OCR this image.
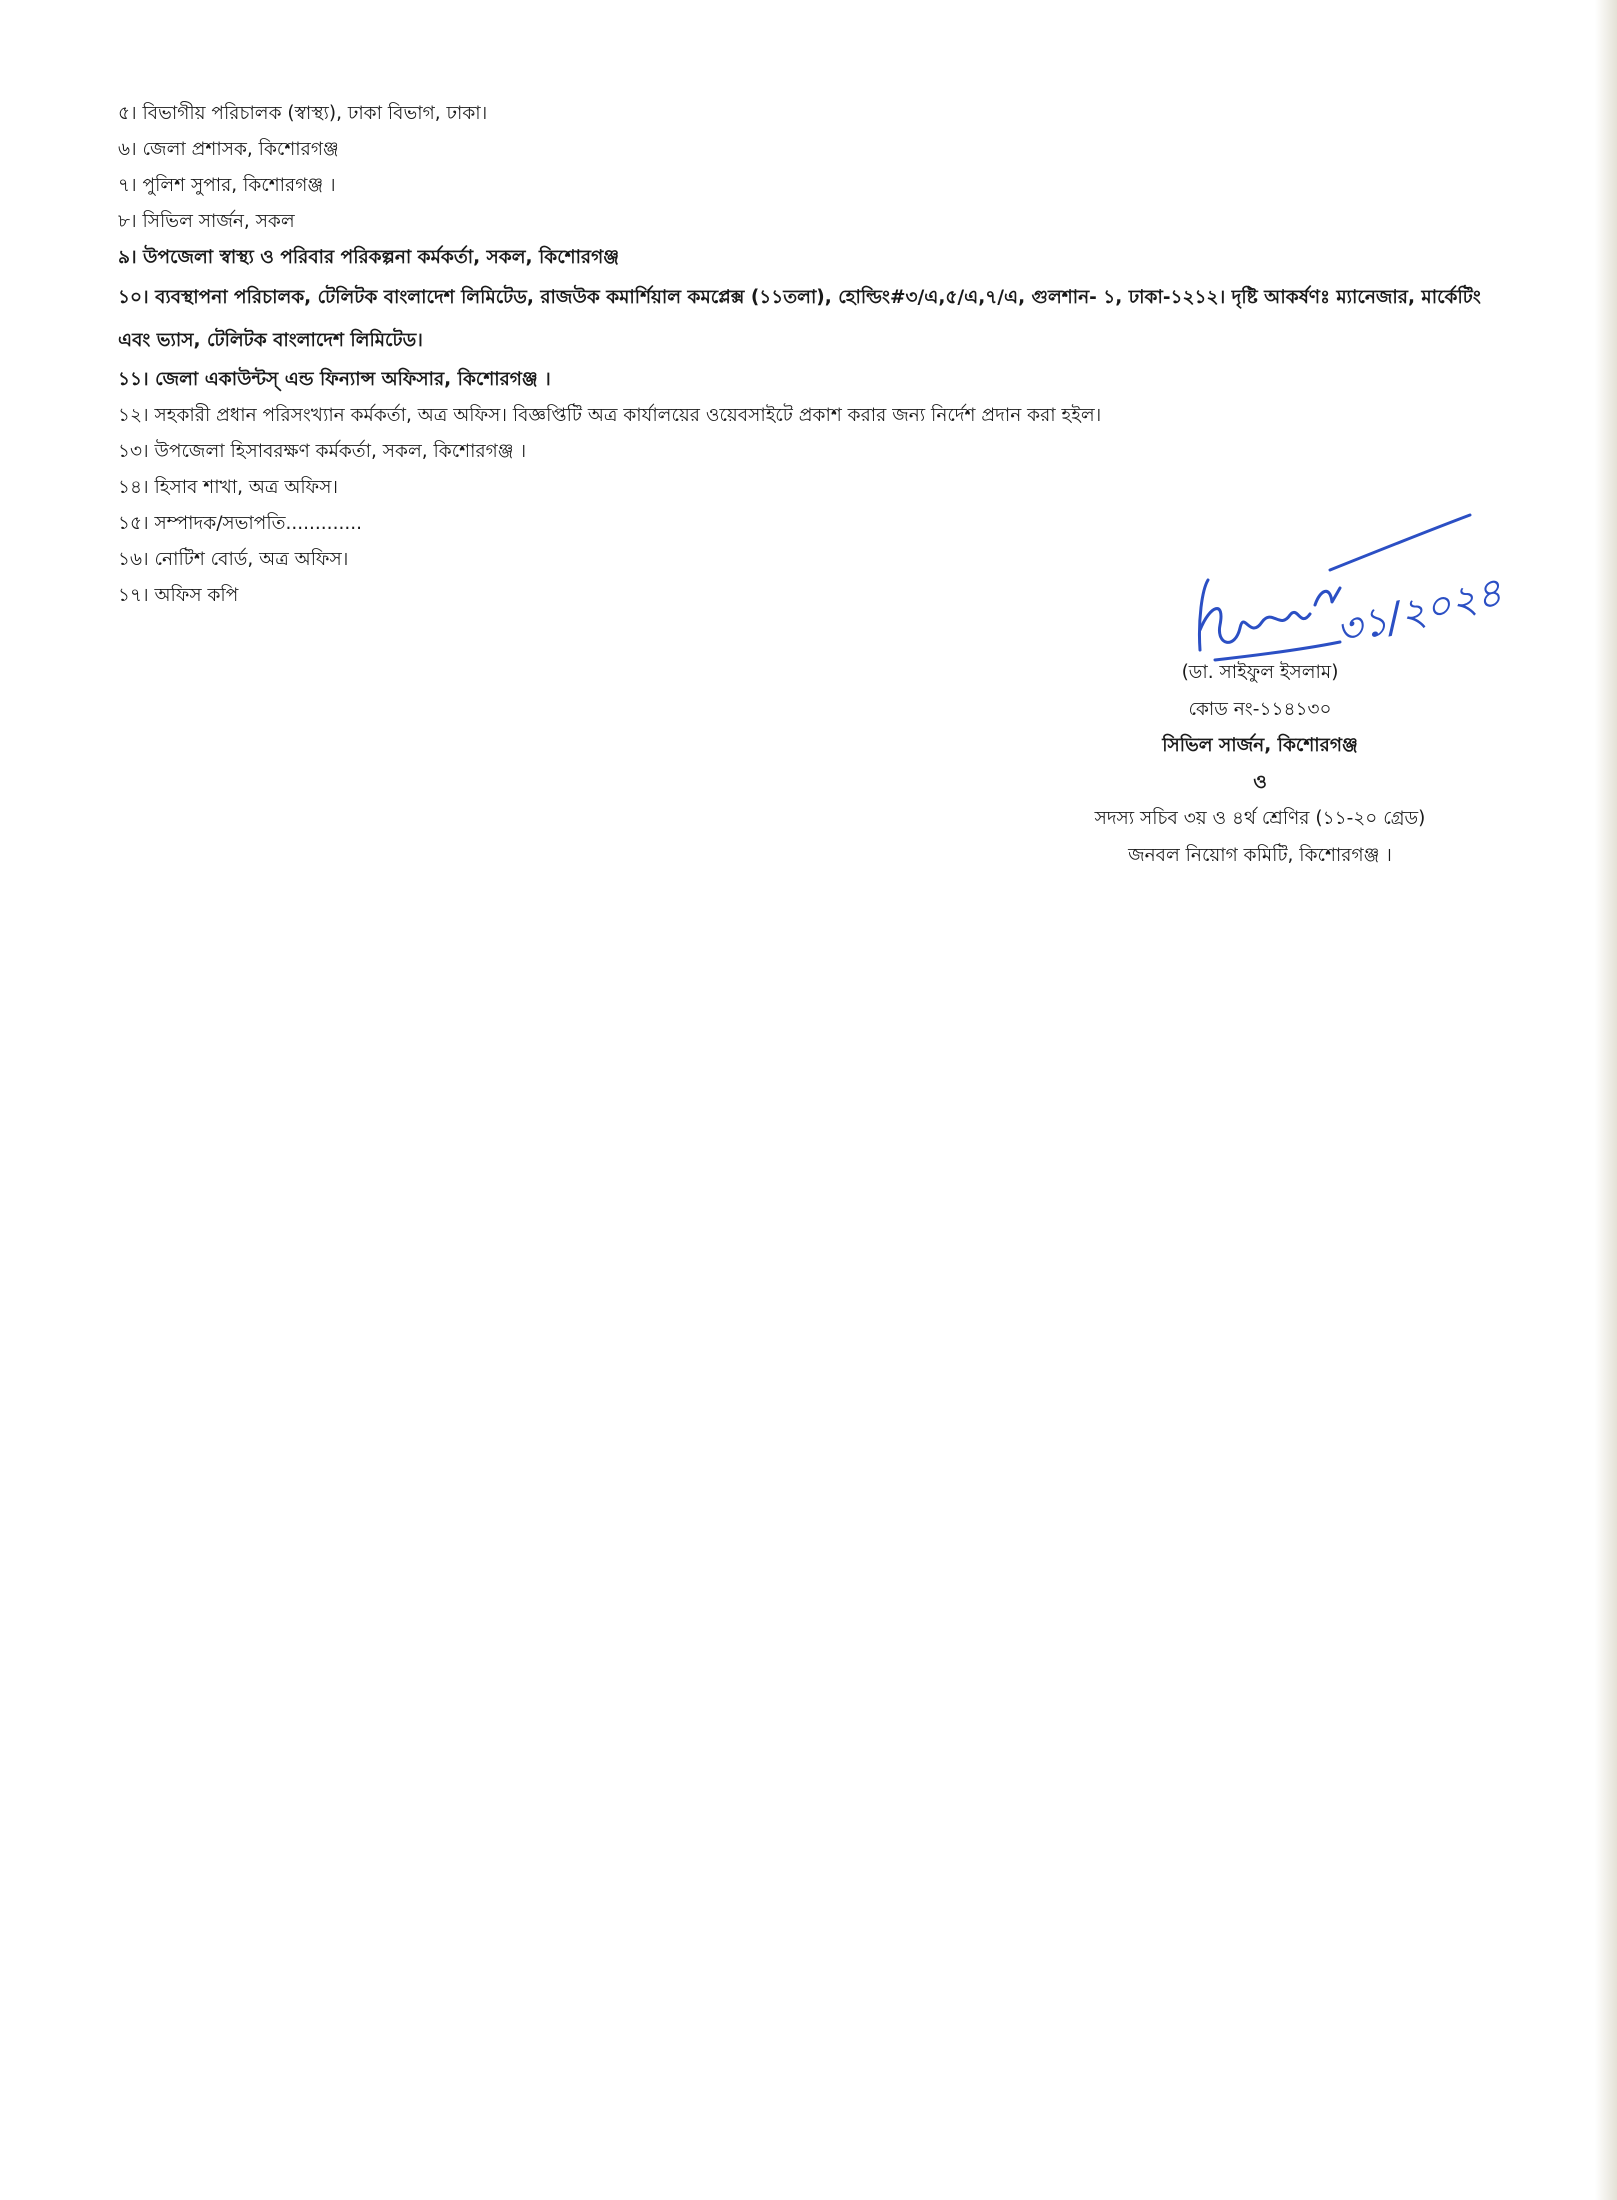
৫। বিভাগীয় পরিচালক (স্বাস্থ্য), ঢাকা বিভাগ, ঢাকা।
৬। জেলা প্রশাসক, কিশোরগঞ্জ
৭। পুলিশ সুপার, কিশোরগঞ্জ ।
৮। সিভিল সার্জন, সকল
৯। উপজেলা স্বাস্থ্য ও পরিবার পরিকল্পনা কর্মকর্তা, সকল, কিশোরগঞ্জ
১০। ব্যবস্থাপনা পরিচালক, টেলিটক বাংলাদেশ লিমিটেড, রাজউক কমার্শিয়াল কমপ্লেক্স (১১তলা), হোল্ডিং#৩/এ,৫/এ,৭/এ, গুলশান- ১, ঢাকা-১২১২। দৃষ্টি আকর্ষণঃ ম্যানেজার, মার্কেটিং এবং ভ্যাস, টেলিটক বাংলাদেশ লিমিটেড।
১১। জেলা একাউন্টস্ এন্ড ফিন্যান্স অফিসার, কিশোরগঞ্জ ।
১২। সহকারী প্রধান পরিসংখ্যান কর্মকর্তা, অত্র অফিস। বিজ্ঞপ্তিটি অত্র কার্যালয়ের ওয়েবসাইটে প্রকাশ করার জন্য নির্দেশ প্রদান করা হইল।
১৩। উপজেলা হিসাবরক্ষণ কর্মকর্তা, সকল, কিশোরগঞ্জ ।
১৪। হিসাব শাখা, অত্র অফিস।
১৫। সম্পাদক/সভাপতি.............
১৬। নোটিশ বোর্ড, অত্র অফিস।
১৭। অফিস কপি	৩১/২০২৪
(ডা. সাইফুল ইসলাম)
কোড নং-১১৪১৩০
সিভিল সার্জন, কিশোরগঞ্জ
ও
সদস্য সচিব ৩য় ও ৪র্থ শ্রেণির (১১-২০ গ্রেড)
জনবল নিয়োগ কমিটি, কিশোরগঞ্জ ।
